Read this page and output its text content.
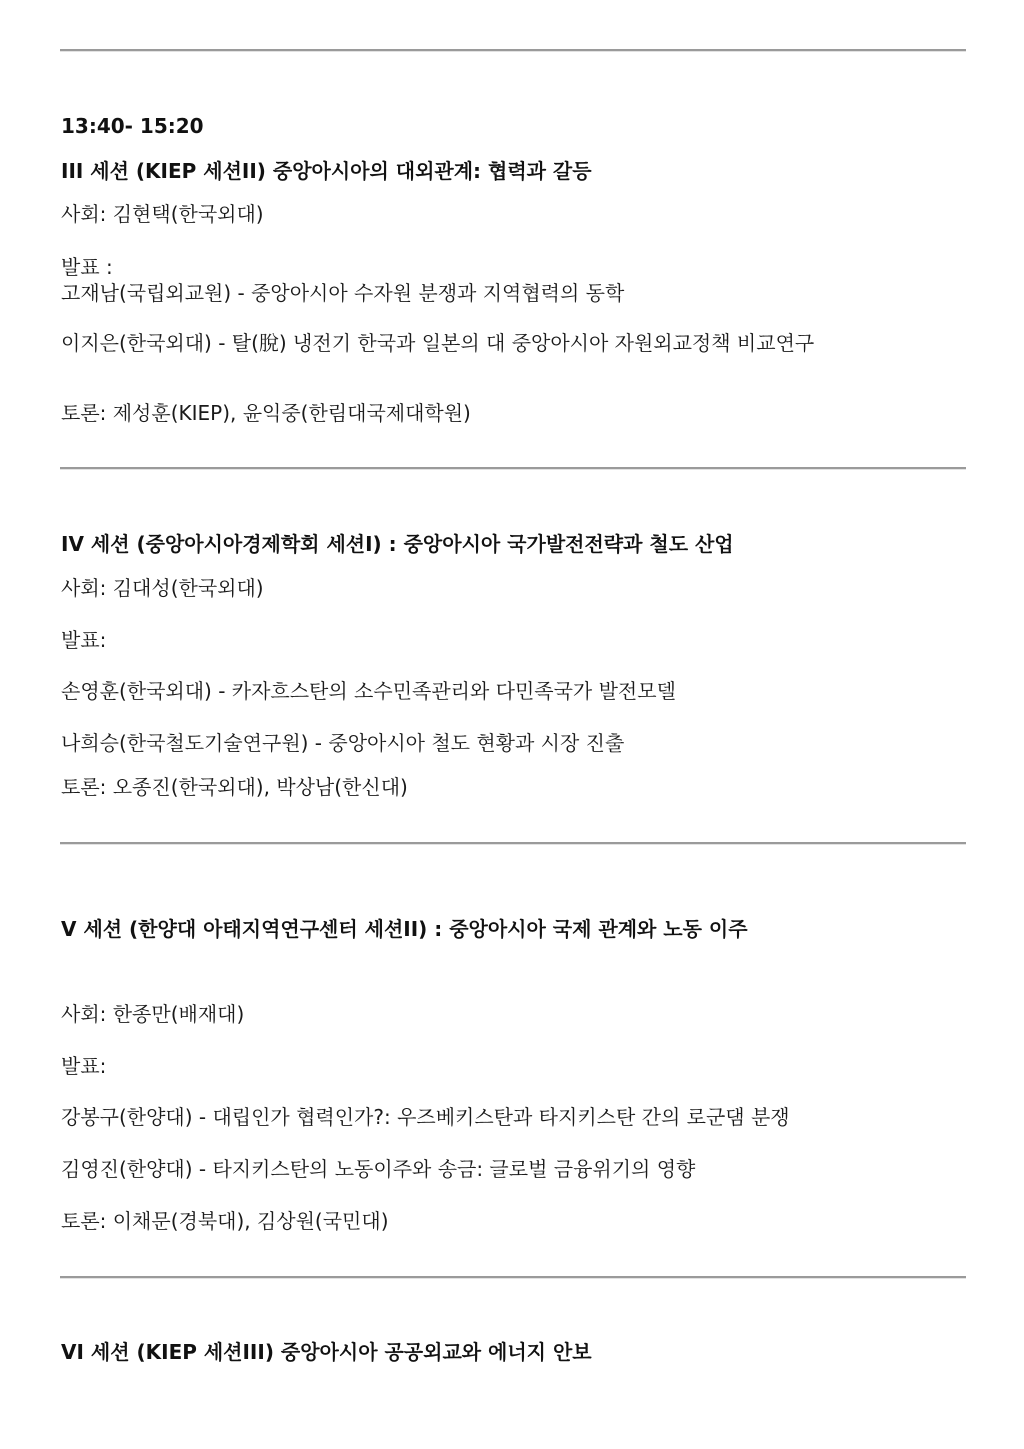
13:40- 15:20
III 세션 (KIEP 세션II) 중앙아시아의 대외관계: 협력과 갈등
사회: 김현택(한국외대)
발표 :
고재남(국립외교원) - 중앙아시아 수자원 분쟁과 지역협력의 동학
이지은(한국외대) - 탈(脫) 냉전기 한국과 일본의 대 중앙아시아 자원외교정책 비교연구
토론: 제성훈(KIEP), 윤익중(한림대국제대학원)
IV 세션 (중앙아시아경제학회 세션I) : 중앙아시아 국가발전전략과 철도 산업
사회: 김대성(한국외대)
발표:
손영훈(한국외대) - 카자흐스탄의 소수민족관리와 다민족국가 발전모델
나희승(한국철도기술연구원) - 중앙아시아 철도 현황과 시장 진출
토론: 오종진(한국외대), 박상남(한신대)
V 세션 (한양대 아태지역연구센터 세션II) : 중앙아시아 국제 관계와 노동 이주
사회: 한종만(배재대)
발표:
강봉구(한양대) - 대립인가 협력인가?: 우즈베키스탄과 타지키스탄 간의 로군댐 분쟁
김영진(한양대) - 타지키스탄의 노동이주와 송금: 글로벌 금융위기의 영향
토론: 이채문(경북대), 김상원(국민대)
VI 세션 (KIEP 세션III) 중앙아시아 공공외교와 에너지 안보
